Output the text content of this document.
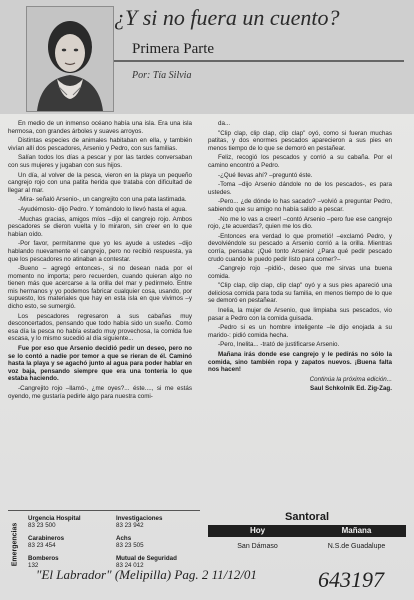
¿Y si no fuera un cuento?
Primera Parte
Por: Tía Silvia

En medio de un inmenso océano había una isla. Era una isla hermosa, con grandes árboles y suaves arroyos.

Distintas especies de animales habitaban en ella, y también vivían allí dos pescadores, Arsenio y Pedro, con sus familias.

Salían todos los días a pescar y por las tardes conversaban con sus mujeres y jugaban con sus hijos.

Un día, al volver de la pesca, vieron en la playa un pequeño cangrejo rojo con una patita herida que trataba con dificultad de llegar al mar.

-Mira- señaló Arsenio-, un cangrejito con una pata lastimada.

-Ayudémoslo- dijo Pedro. Y tomándolo lo llevó hasta el agua.

-Muchas gracias, amigos míos –dijo el cangrejo rojo. Ambos pescadores se dieron vuelta y lo miraron, sin creer en lo que habían oído.

-Por favor, permítanme que yo les ayude a ustedes –dijo hablando nuevamente el cangrejo, pero no recibió respuesta, ya que los pescadores no atinaban a contestar.

-Bueno – agregó entonces-, si no desean nada por el momento no importa; pero recuerden, cuando quieran algo no tienen más que acercarse a la orilla del mar y pedírmelo. Entre mis hermanos y yo podemos fabricar cualquier cosa, usando, por supuesto, los materiales que hay en esta isla en que vivimos –y dicho esto, se sumergió.

Los pescadores regresaron a sus cabañas muy desconcertados, pensando que todo había sido un sueño. Como esa día la pesca no había estado muy provechosa, la comida fue escasa, y lo mismo sucedió al día siguiente...

Fue por eso que Arsenio decidió pedir un deseo, pero no se lo contó a nadie por temor a que se rieran de él. Caminó hasta la playa y se agachó junto al agua para poder hablar en voz baja, pensando siempre que era una tontería lo que estaba haciendo.

-Cangrejito rojo –llamó-, ¿me oyes?... éste...., si me estás oyendo, me gustaría pedirle algo para nuestra comi-

da...

"Clip clap, clip clap, clip clap" oyó, como si fueran muchas patitas, y dos enormes pescados aparecieron a sus pies en menos tiempo de lo que se demoró en pestañear.

Feliz, recogió los pescados y corrió a su cabaña. Por el camino encontró a Pedro.

-¿Qué llevas ahí? –preguntó éste.

-Toma –dijo Arsenio dándole no de los pescados-, es para ustedes.

-Pero... ¿de dónde lo has sacado? –volvió a preguntar Pedro, sabiendo que su amigo no había salido a pescar.

-No me lo vas a creer! –contó Arsenio –pero fue ese cangrejo rojo, ¿te acuerdas?, quien me los dio.

-Entonces era verdad lo que prometió! –exclamó Pedro, y devolviéndole su pescado a Arsenio corrió a la orilla. Mientras corría, pensaba: ¡Qué tonto Arsenio! ¿Para qué pedir pescado crudo cuando le puedo pedir listo para comer?–

-Cangrejo rojo –pidió-, deseo que me sirvas una buena comida.

"Clip clap, clip clap, clip clap" oyó y a sus pies apareció una deliciosa comida para toda su familia, en menos tiempo de lo que se demoró en pestañear.

Inelia, la mujer de Arsenio, que limpiaba sus pescados, vio pasar a Pedro con la comida guisada.

-Pedro si es un hombre inteligente –le dijo enojada a su marido-: pidió comida hecha.

-Pero, Inelita... -trató de justificarse Arsenio.

Mañana irás donde ese cangrejo y le pedirás no sólo la comida, sino también ropa y zapatos nuevos. ¡Buena falta nos hacen!

Continúa la próxima edición...

Saul Schkolnik Ed. Zig-Zag.

Emergencias
Urgencia Hospital
83 23 500
Investigaciones
83 23 942
Carabineros
83 23 454
Achs
83 23 505
Bomberos
132
Mutual de Seguridad
83 24 012
Santoral
Hoy	Mañana
San Dámaso	N.S.de Guadalupe
"El Labrador" (Melipilla) Pag. 2 11/12/01	643197
